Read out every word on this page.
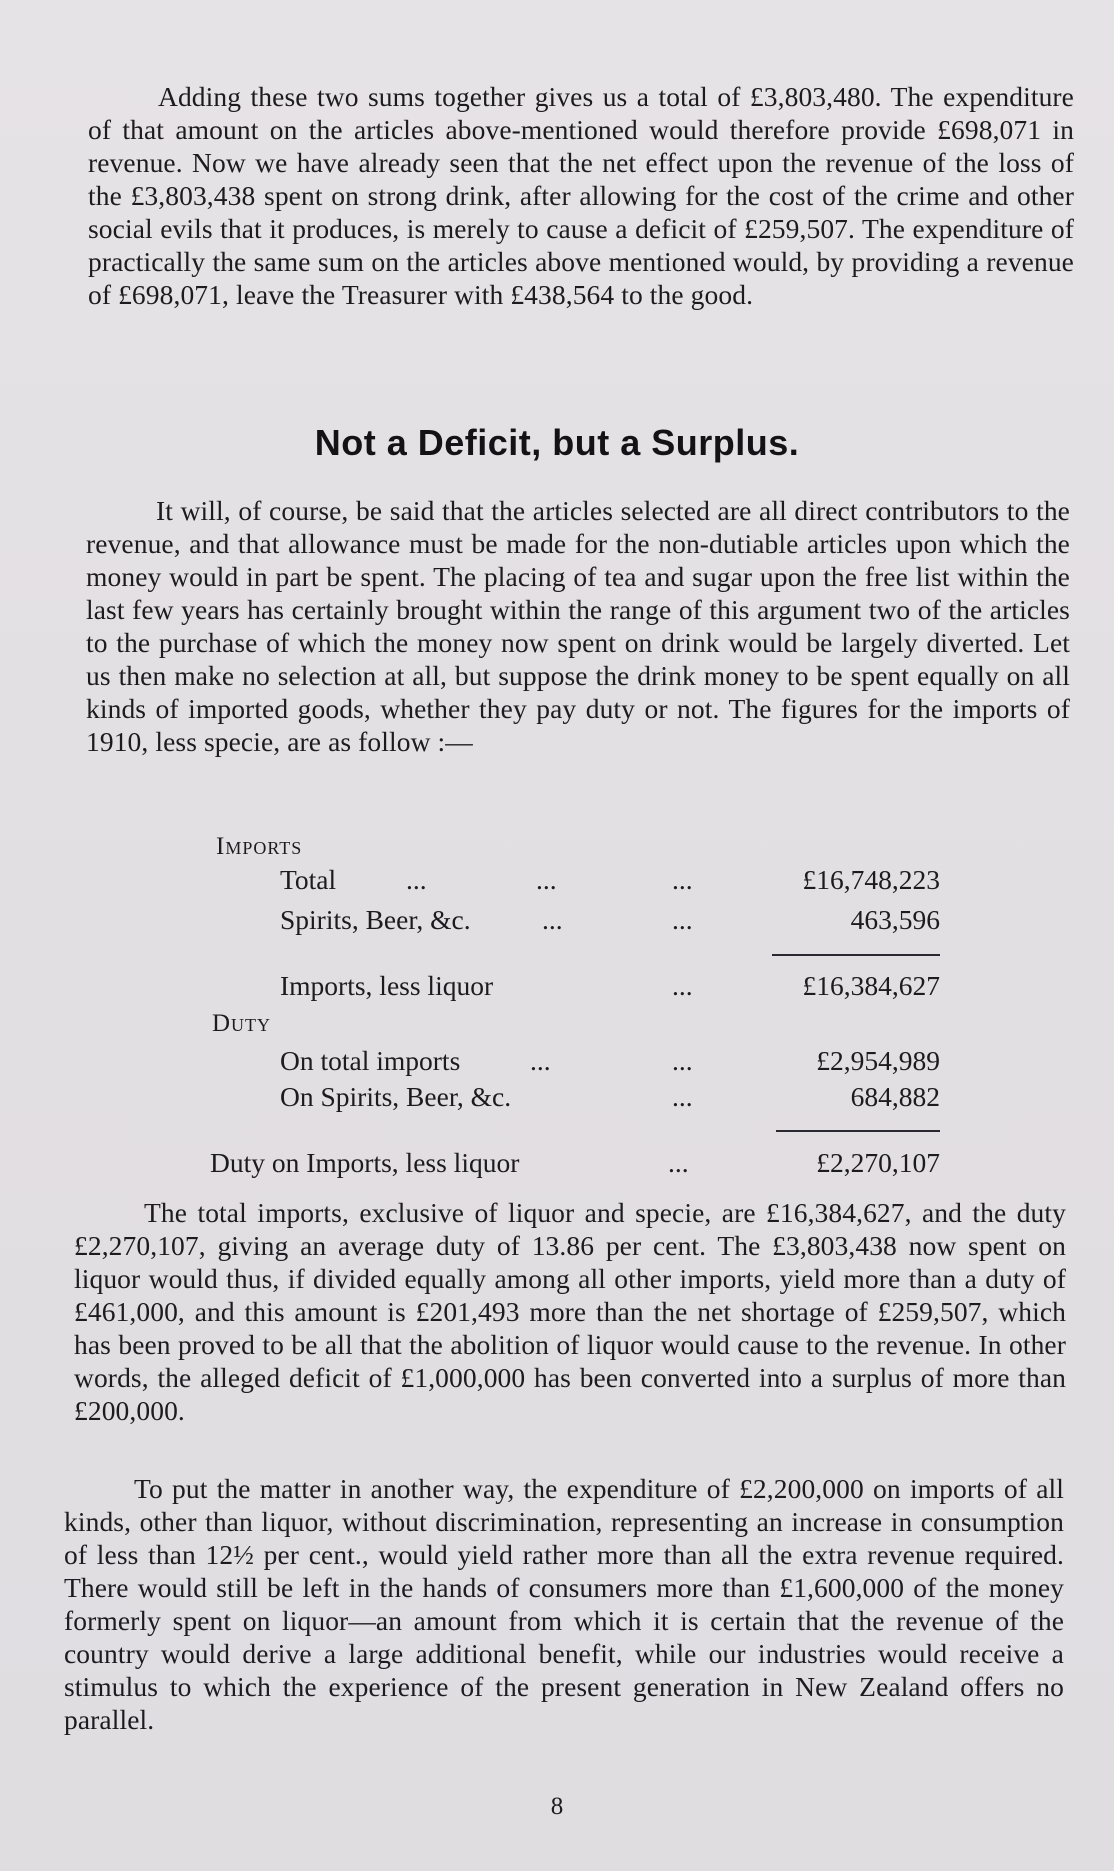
Adding these two sums together gives us a total of £3,803,480. The expenditure of that amount on the articles above-mentioned would therefore provide £698,071 in revenue. Now we have already seen that the net effect upon the revenue of the loss of the £3,803,438 spent on strong drink, after allowing for the cost of the crime and other social evils that it produces, is merely to cause a deficit of £259,507. The expenditure of practically the same sum on the articles above mentioned would, by providing a revenue of £698,071, leave the Treasurer with £438,564 to the good.

Not a Deficit, but a Surplus.

It will, of course, be said that the articles selected are all direct contributors to the revenue, and that allowance must be made for the non-dutiable articles upon which the money would in part be spent. The placing of tea and sugar upon the free list within the last few years has certainly brought within the range of this argument two of the articles to the purchase of which the money now spent on drink would be largely diverted. Let us then make no selection at all, but suppose the drink money to be spent equally on all kinds of imported goods, whether they pay duty or not. The figures for the imports of 1910, less specie, are as follow :—

Imports
Total	...	...	...	£16,748,223
Spirits, Beer, &c.	...	...	463,596
Imports, less liquor	...	£16,384,627
Duty
On total imports	...	...	£2,954,989
On Spirits, Beer, &c.	...	684,882
Duty on Imports, less liquor	...	£2,270,107

The total imports, exclusive of liquor and specie, are £16,384,627, and the duty £2,270,107, giving an average duty of 13.86 per cent. The £3,803,438 now spent on liquor would thus, if divided equally among all other imports, yield more than a duty of £461,000, and this amount is £201,493 more than the net shortage of £259,507, which has been proved to be all that the abolition of liquor would cause to the revenue. In other words, the alleged deficit of £1,000,000 has been converted into a surplus of more than £200,000.

To put the matter in another way, the expenditure of £2,200,000 on imports of all kinds, other than liquor, without discrimination, representing an increase in consumption of less than 12½ per cent., would yield rather more than all the extra revenue required. There would still be left in the hands of consumers more than £1,600,000 of the money formerly spent on liquor—an amount from which it is certain that the revenue of the country would derive a large additional benefit, while our industries would receive a stimulus to which the experience of the present generation in New Zealand offers no parallel.

8
